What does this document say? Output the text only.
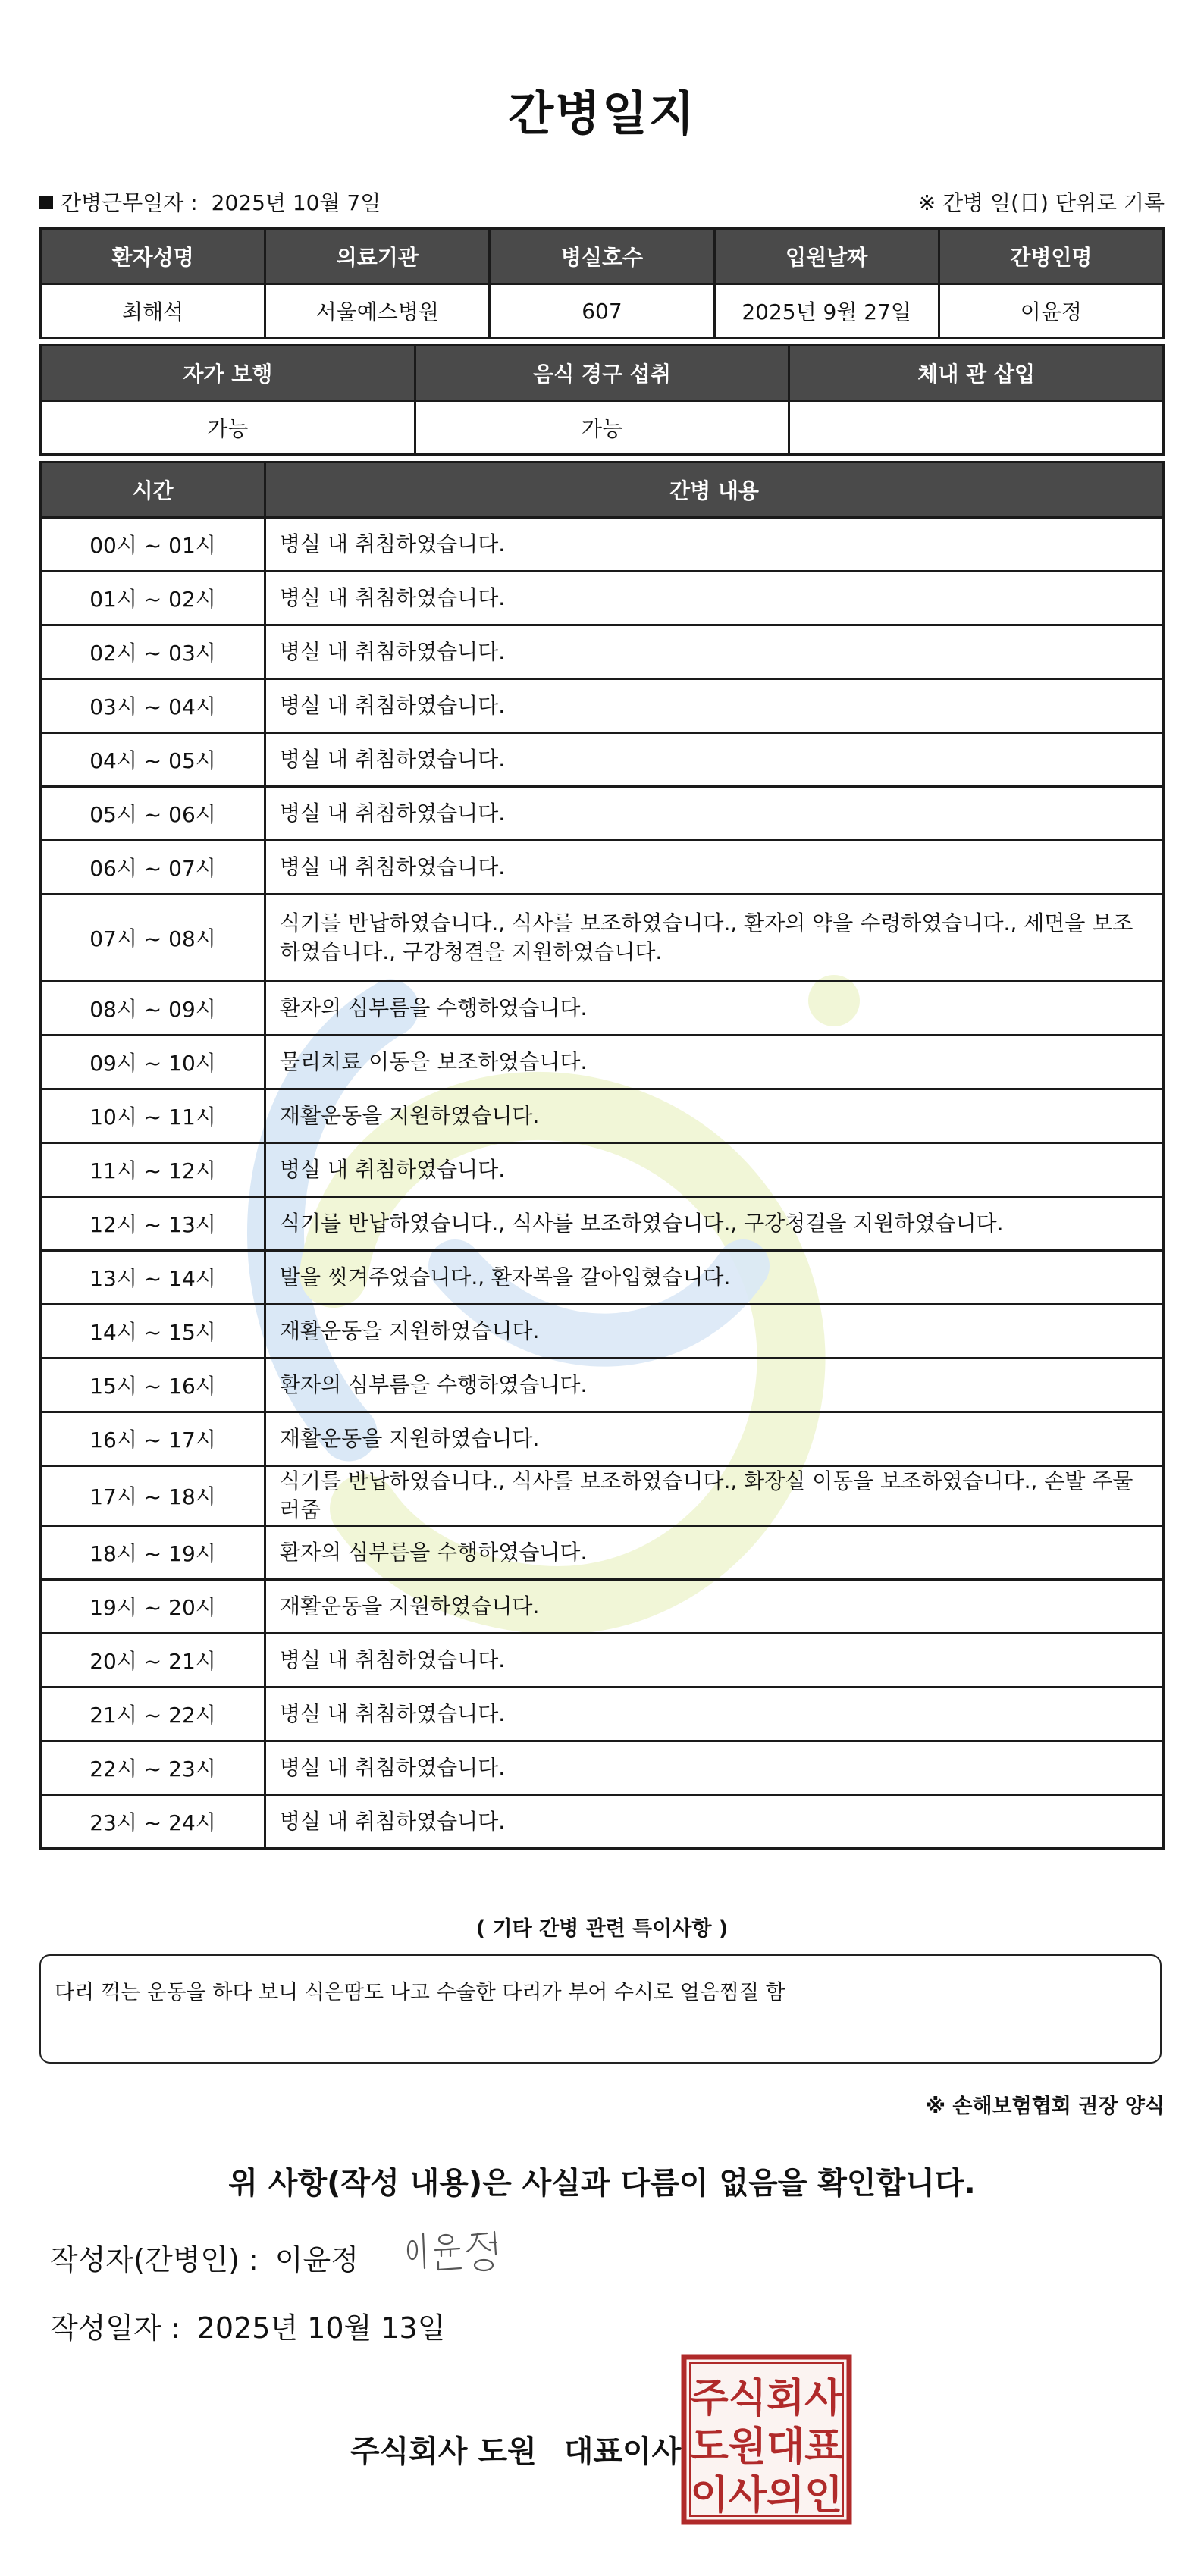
간병일지
간병근무일자 : 2025년 10월 7일	※ 간병 일(日) 단위로 기록
환자성명	의료기관	병실호수	입원날짜	간병인명
최해석	서울예스병원	607	2025년 9월 27일	이윤정
자가 보행	음식 경구 섭취	체내 관 삽입
가능	가능	
시간	간병 내용
00시 ~ 01시	병실 내 취침하였습니다.
01시 ~ 02시	병실 내 취침하였습니다.
02시 ~ 03시	병실 내 취침하였습니다.
03시 ~ 04시	병실 내 취침하였습니다.
04시 ~ 05시	병실 내 취침하였습니다.
05시 ~ 06시	병실 내 취침하였습니다.
06시 ~ 07시	병실 내 취침하였습니다.
07시 ~ 08시	식기를 반납하였습니다., 식사를 보조하였습니다., 환자의 약을 수령하였습니다., 세면을 보조하였습니다., 구강청결을 지원하였습니다.
08시 ~ 09시	환자의 심부름을 수행하였습니다.
09시 ~ 10시	물리치료 이동을 보조하였습니다.
10시 ~ 11시	재활운동을 지원하였습니다.
11시 ~ 12시	병실 내 취침하였습니다.
12시 ~ 13시	식기를 반납하였습니다., 식사를 보조하였습니다., 구강청결을 지원하였습니다.
13시 ~ 14시	발을 씻겨주었습니다., 환자복을 갈아입혔습니다.
14시 ~ 15시	재활운동을 지원하였습니다.
15시 ~ 16시	환자의 심부름을 수행하였습니다.
16시 ~ 17시	재활운동을 지원하였습니다.
17시 ~ 18시	식기를 반납하였습니다., 식사를 보조하였습니다., 화장실 이동을 보조하였습니다., 손발 주물러줌
18시 ~ 19시	환자의 심부름을 수행하였습니다.
19시 ~ 20시	재활운동을 지원하였습니다.
20시 ~ 21시	병실 내 취침하였습니다.
21시 ~ 22시	병실 내 취침하였습니다.
22시 ~ 23시	병실 내 취침하였습니다.
23시 ~ 24시	병실 내 취침하였습니다.
( 기타 간병 관련 특이사항 )
다리 꺽는 운동을 하다 보니 식은땀도 나고 수술한 다리가 부어 수시로 얼음찜질 함
※ 손해보험협회 권장 양식
위 사항(작성 내용)은 사실과 다름이 없음을 확인합니다.
작성자(간병인) : 이윤정
작성일자 : 2025년 10월 13일
주식회사 도원 대표이사
주식회사
도원대표
이사의인
